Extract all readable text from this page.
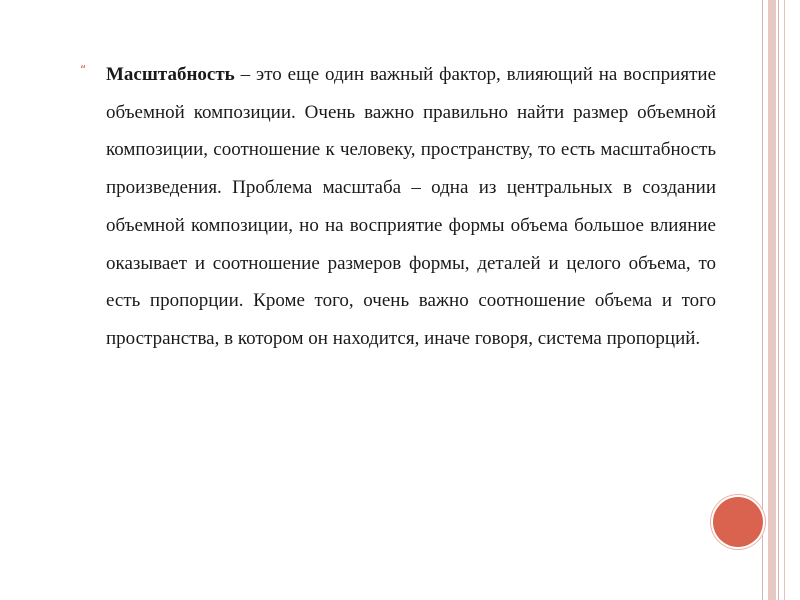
“ Масштабность – это еще один важный фактор, влияющий на восприятие объемной композиции. Очень важно правильно найти размер объемной композиции, соотношение к человеку, пространству, то есть масштабность произведения. Проблема масштаба – одна из центральных в создании объемной композиции, но на восприятие формы объема большое влияние оказывает и соотношение размеров формы, деталей и целого объема, то есть пропорции. Кроме того, очень важно соотношение объема и того пространства, в котором он находится, иначе говоря, система пропорций.
